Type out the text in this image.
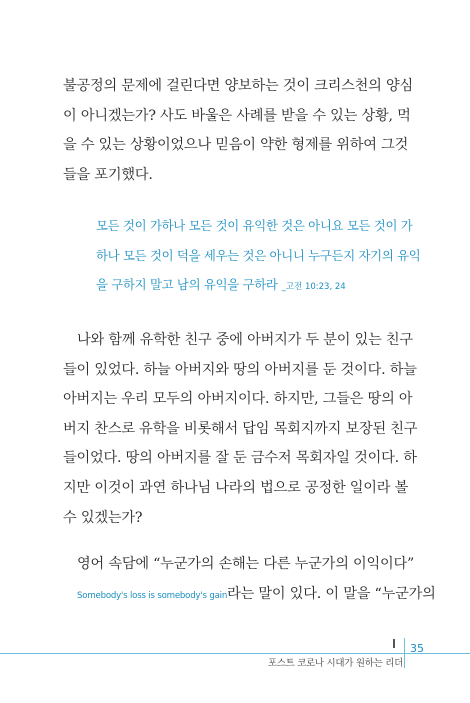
불공정의 문제에 걸린다면 양보하는 것이 크리스천의 양심
이 아니겠는가? 사도 바울은 사례를 받을 수 있는 상황, 먹
을 수 있는 상황이었으나 믿음이 약한 형제를 위하여 그것
들을 포기했다.
모든 것이 가하나 모든 것이 유익한 것은 아니요 모든 것이 가
하나 모든 것이 덕을 세우는 것은 아니니 누구든지 자기의 유익
을 구하지 말고 남의 유익을 구하라 _고전 10:23, 24
나와 함께 유학한 친구 중에 아버지가 두 분이 있는 친구
들이 있었다. 하늘 아버지와 땅의 아버지를 둔 것이다. 하늘
아버지는 우리 모두의 아버지이다. 하지만, 그들은 땅의 아
버지 찬스로 유학을 비롯해서 답임 목회지까지 보장된 친구
들이었다. 땅의 아버지를 잘 둔 금수저 목회자일 것이다. 하
지만 이것이 과연 하나님 나라의 법으로 공정한 일이라 볼
수 있겠는가?
영어 속담에 “누군가의 손해는 다른 누군가의 이익이다”
Somebody's loss is somebody's gain라는 말이 있다. 이 말을 “누군가의
포스트 코로나 시대가 원하는 리더
35
